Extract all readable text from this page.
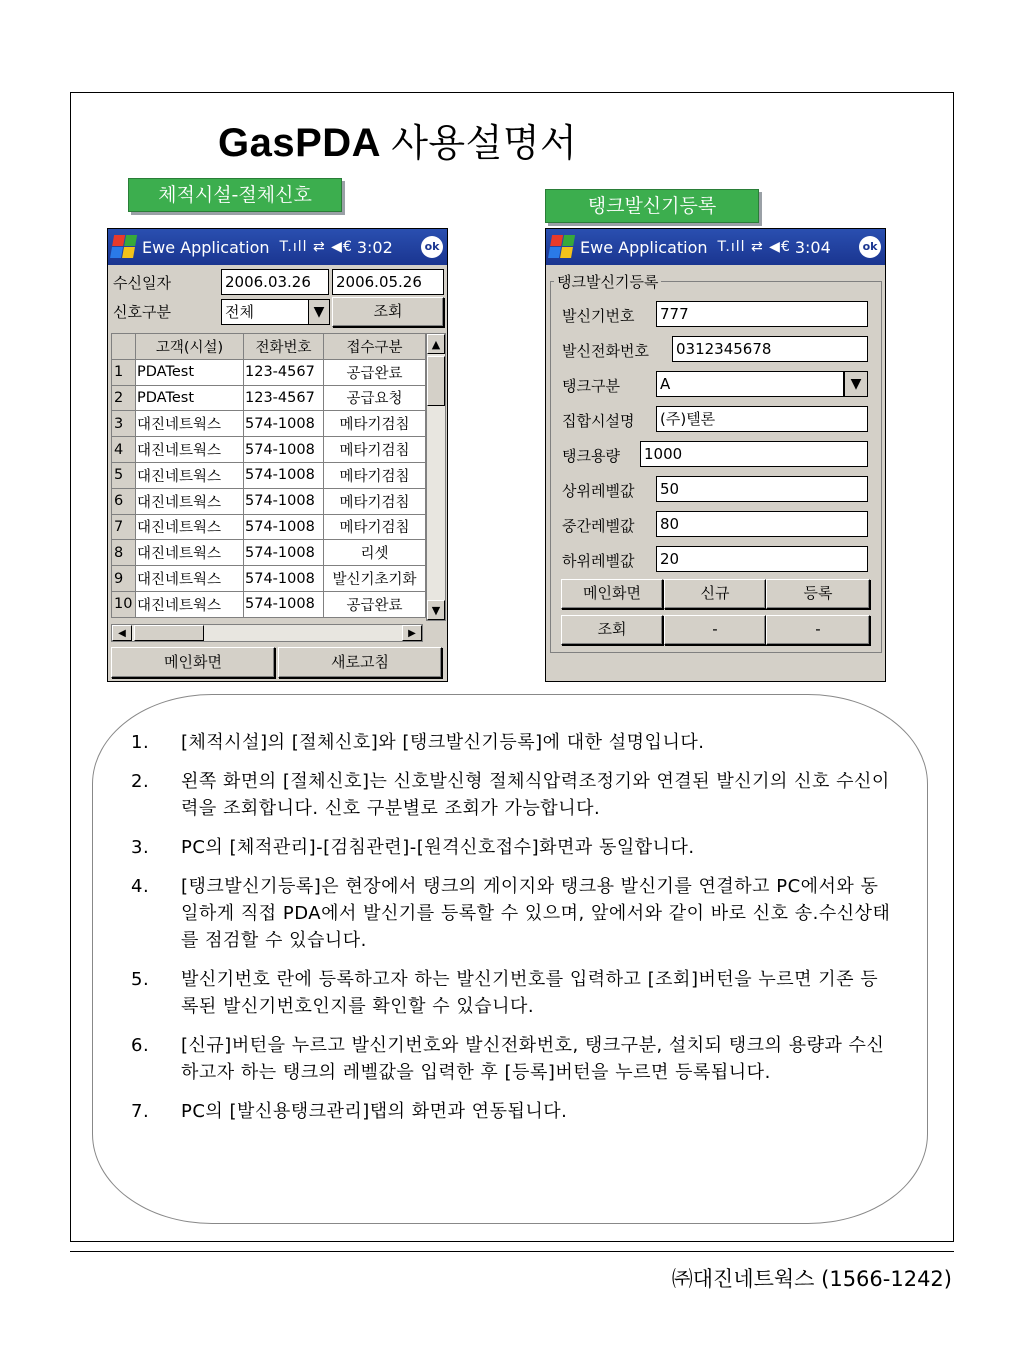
GasPDA 사용설명서
체적시설-절체신호	탱크발신기등록
Ewe Application T.ıll ⇄ ◀€ 3:02	ok
수신일자	2006.03.26	2006.05.26
신호구분	전체	▼	조회
	고객(시설)	전화번호	접수구분
1	PDATest	123-4567	공급완료
2	PDATest	123-4567	공급요청
3	대진네트웍스	574-1008	메타기검침
4	대진네트웍스	574-1008	메타기검침
5	대진네트웍스	574-1008	메타기검침
6	대진네트웍스	574-1008	메타기검침
7	대진네트웍스	574-1008	메타기검침
8	대진네트웍스	574-1008	리셋
9	대진네트웍스	574-1008	발신기초기화
10	대진네트웍스	574-1008	공급완료
▲
▼
◀	▶
메인화면	새로고침
Ewe Application T.ıll ⇄ ◀€ 3:04	ok
탱크발신기등록
발신기번호 777
발신전화번호 0312345678
탱크구분	A	▼
집합시설명 (주)텔론
탱크용량 1000
상위레벨값 50
중간레벨값 80
하위레벨값 20
메인화면	신규	등록
조회	-	-
1.	[체적시설]의 [절체신호]와 [탱크발신기등록]에 대한 설명입니다.
2.	왼쪽 화면의 [절체신호]는 신호발신형 절체식압력조정기와 연결된 발신기의 신호 수신이력을 조회합니다. 신호 구분별로 조회가 가능합니다.
3.	PC의 [체적관리]-[검침관련]-[원격신호접수]화면과 동일합니다.
4.	[탱크발신기등록]은 현장에서 탱크의 게이지와 탱크용 발신기를 연결하고 PC에서와 동일하게 직접 PDA에서 발신기를 등록할 수 있으며, 앞에서와 같이 바로 신호 송.수신상태를 점검할 수 있습니다.
5.	발신기번호 란에 등록하고자 하는 발신기번호를 입력하고 [조회]버턴을 누르면 기존 등록된 발신기번호인지를 확인할 수 있습니다.
6.	[신규]버턴을 누르고 발신기번호와 발신전화번호, 탱크구분, 설치되 탱크의 용량과 수신하고자 하는 탱크의 레벨값을 입력한 후 [등록]버턴을 누르면 등록됩니다.
7.	PC의 [발신용탱크관리]탭의 화면과 연동됩니다.
㈜대진네트웍스 (1566-1242)
